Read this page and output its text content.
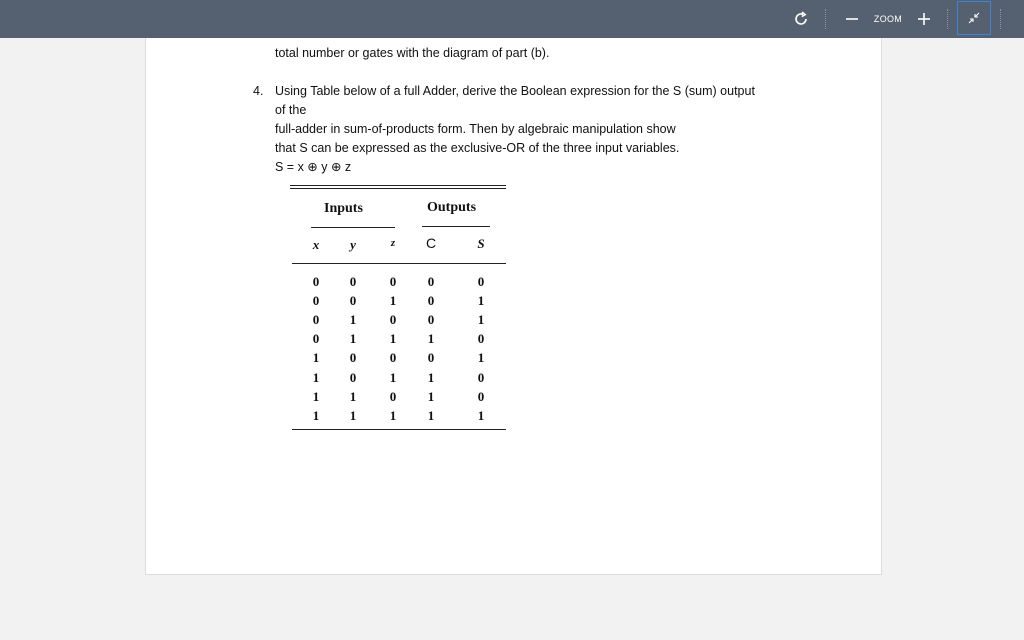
total number or gates with the diagram of part (b).
4. Using Table below of a full Adder, derive the Boolean expression for the S (sum) output
of the
full-adder in sum-of-products form. Then by algebraic manipulation show
that S can be expressed as the exclusive-OR of the three input variables.
S = x ⊕ y ⊕ z
Inputs	Outputs
x	y	z	C	S
0	0	0	0	0
0	0	1	0	1
0	1	0	0	1
0	1	1	1	0
1	0	0	0	1
1	0	1	1	0
1	1	0	1	0
1	1	1	1	1
ZOOM
